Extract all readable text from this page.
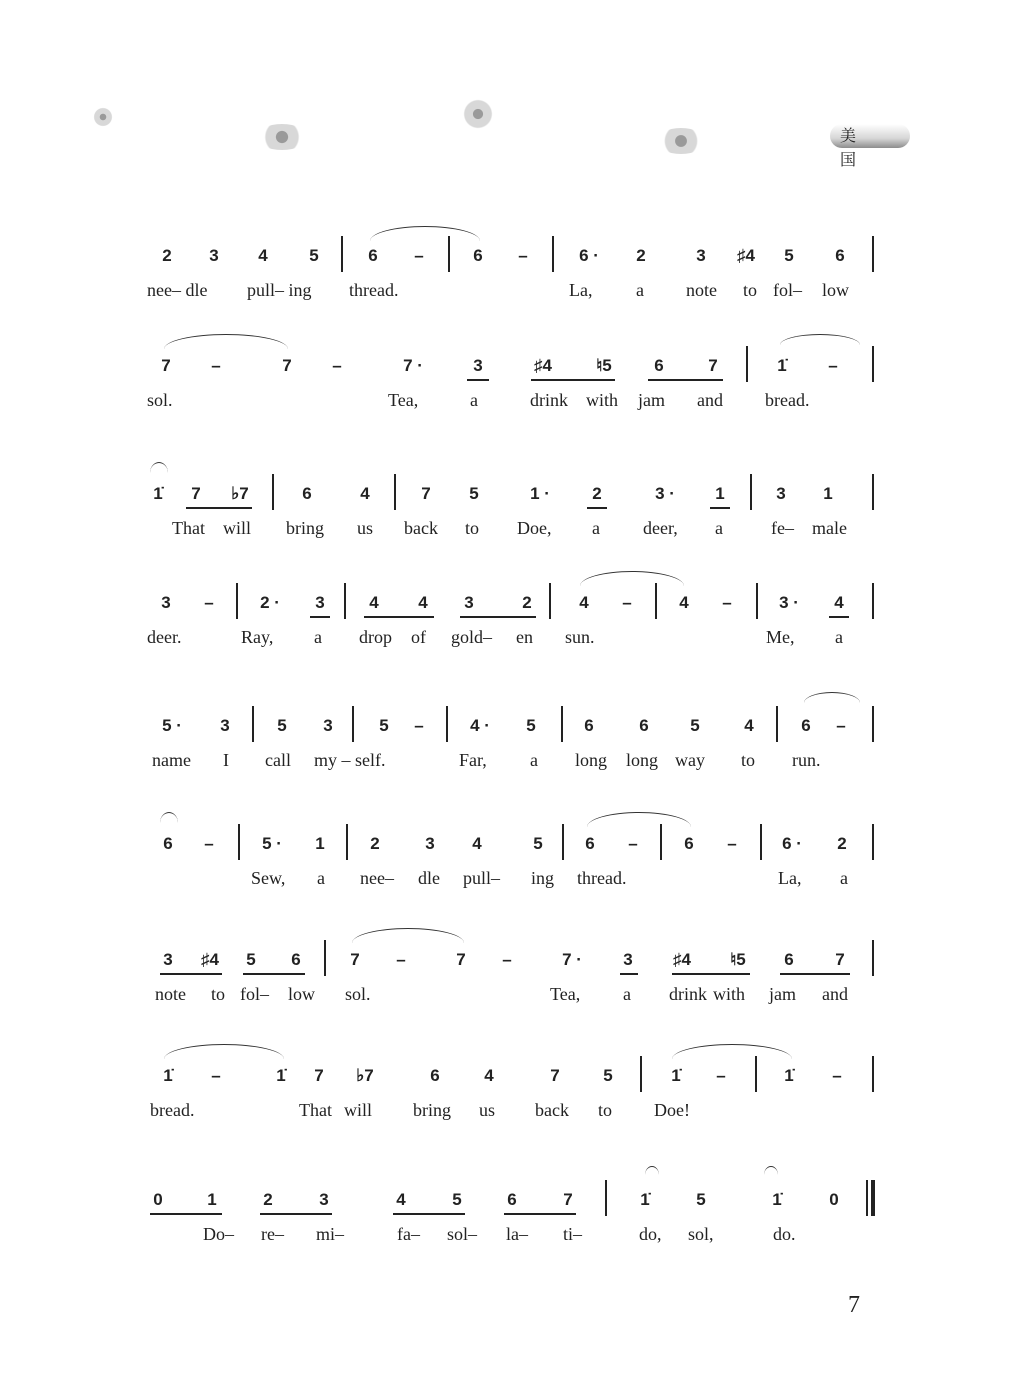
美 国
2	3	4	5	6	–	6	–	6 ·	2	3	♯4	5	6
nee– dle pull– ing thread.	La, a note to fol– low
7	–	7	–	7 ·	3	♯4	♮5	6	7	1̇	–
sol.	Tea,	a	drink with jam and bread.
1̇	7	♭7	6	4	7	5	1 ·	2	3 ·	1	3	1
That will bring us back to Doe, a deer, a	fe– male
3	–	2 ·	3	4	4	3	2	4	–	4	–	3 ·	4
deer.	Ray, a drop of gold– en sun.	Me, a
5 ·	3	5	3	5	–	4 ·	5	6	6	5	4	6	–
name I call my – self.	Far, a long long way to run.
6	–	5 ·	1	2	3	4	5	6	–	6	–	6 ·	2
Sew, a nee– dle pull– ing thread.	La, a
3	♯4	5	6	7	–	7	–	7 ·	3	♯4 ♮5	6	7
note to fol– low sol.	Tea, a drink with jam and
1̇	–	1̇	7	♭7	6	4	7	5	1̇	–	1̇	–
bread.	That will bring us back to Doe!
0	1	2	3	4	5	6	7	1̇	5	1̇	0
Do– re– mi–	fa– sol– la– ti–	do, sol,	do.
7
